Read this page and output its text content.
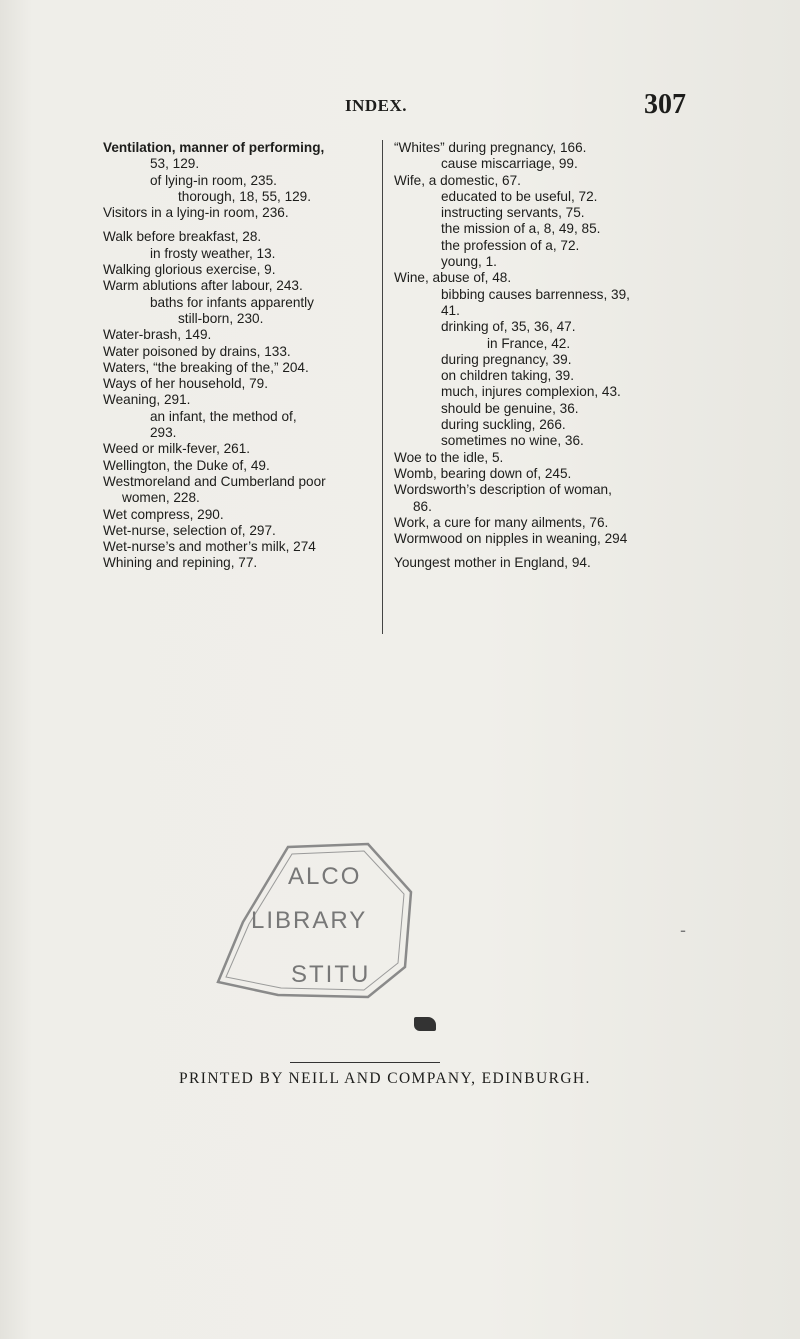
INDEX.	307
Ventilation, manner of performing,
53, 129.
of lying-in room, 235.
thorough, 18, 55, 129.
Visitors in a lying-in room, 236.
Walk before breakfast, 28.
in frosty weather, 13.
Walking glorious exercise, 9.
Warm ablutions after labour, 243.
baths for infants apparently
still-born, 230.
Water-brash, 149.
Water poisoned by drains, 133.
Waters, “the breaking of the,” 204.
Ways of her household, 79.
Weaning, 291.
an infant, the method of,
293.
Weed or milk-fever, 261.
Wellington, the Duke of, 49.
Westmoreland and Cumberland poor
women, 228.
Wet compress, 290.
Wet-nurse, selection of, 297.
Wet-nurse’s and mother’s milk, 274
Whining and repining, 77.
“Whites” during pregnancy, 166.
cause miscarriage, 99.
Wife, a domestic, 67.
educated to be useful, 72.
instructing servants, 75.
the mission of a, 8, 49, 85.
the profession of a, 72.
young, 1.
Wine, abuse of, 48.
bibbing causes barrenness, 39,
41.
drinking of, 35, 36, 47.
in France, 42.
during pregnancy, 39.
on children taking, 39.
much, injures complexion, 43.
should be genuine, 36.
during suckling, 266.
sometimes no wine, 36.
Woe to the idle, 5.
Womb, bearing down of, 245.
Wordsworth’s description of woman,
86.
Work, a cure for many ailments, 76.
Wormwood on nipples in weaning, 294
Youngest mother in England, 94.
ALCO
LIBRARY
STITU
-
PRINTED BY NEILL AND COMPANY, EDINBURGH.
